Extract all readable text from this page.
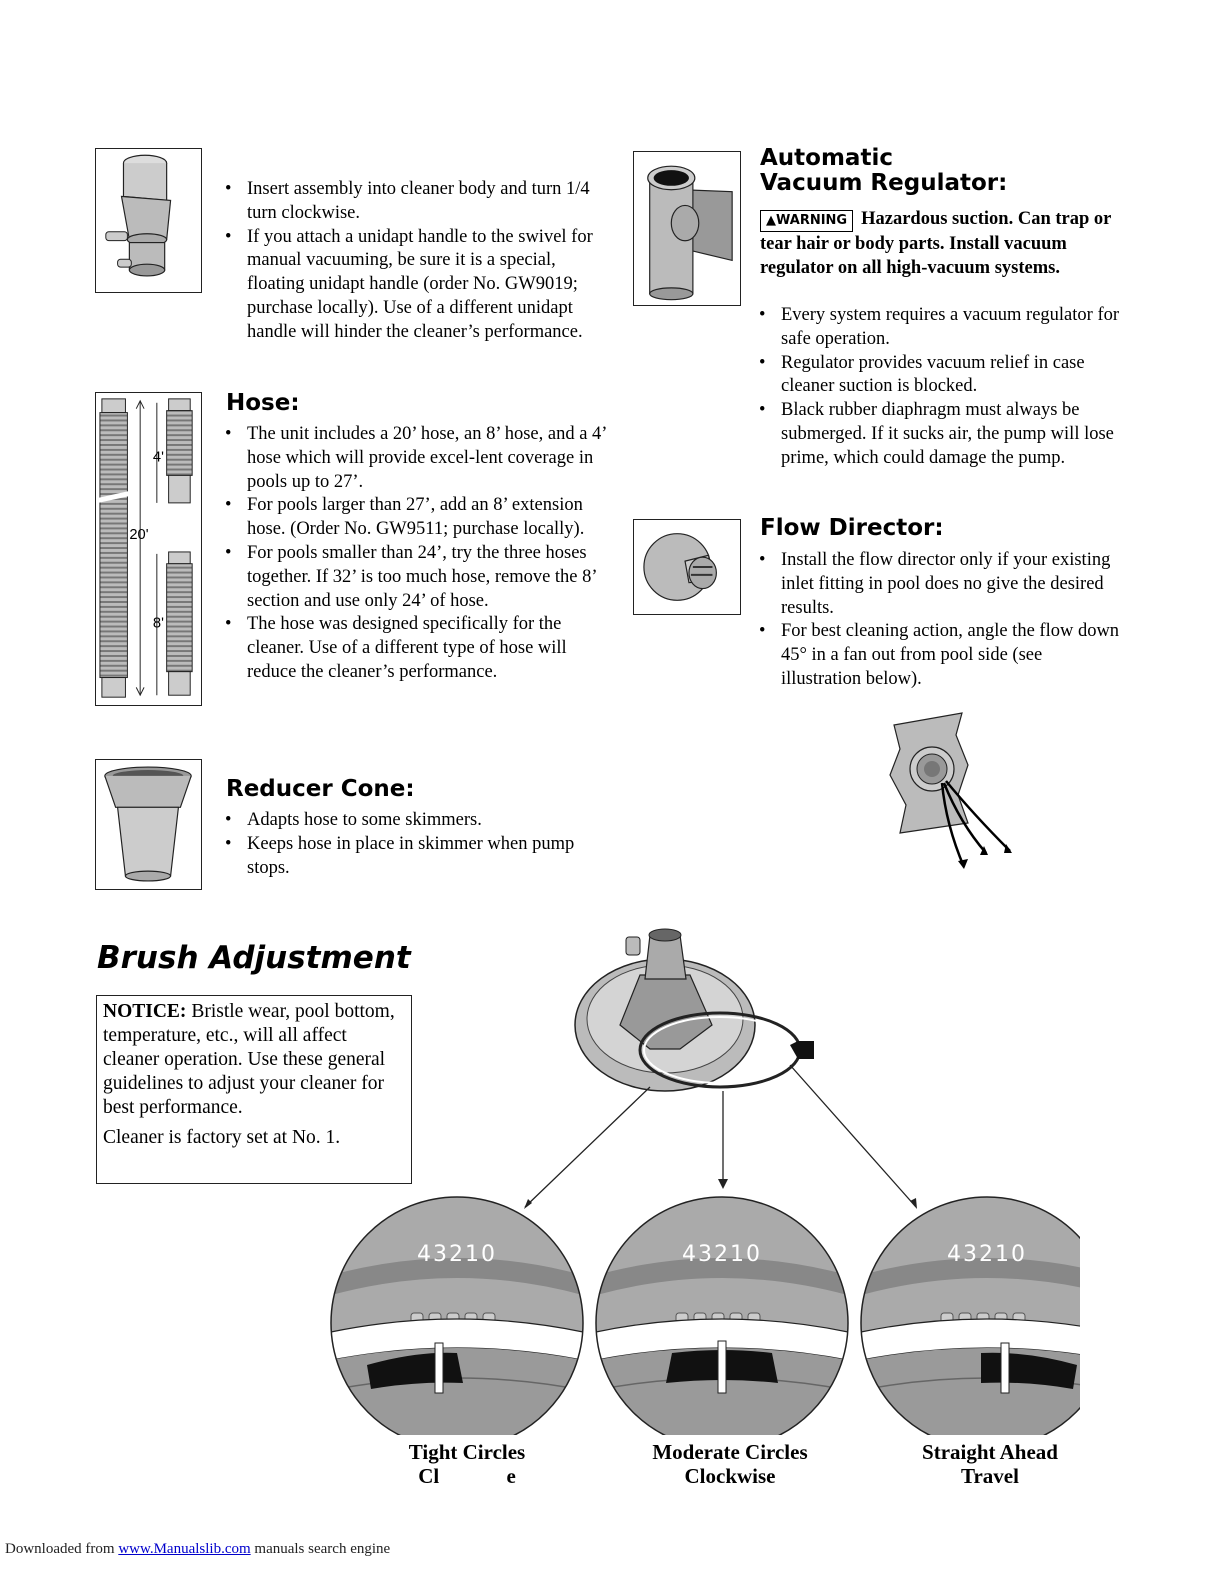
• Insert assembly into cleaner body and turn 1/4 turn clockwise.
• If you attach a unidapt handle to the swivel for manual vacuuming, be sure it is a special, floating unidapt handle (order No. GW9019; purchase locally). Use of a different unidapt handle will hinder the cleaner’s performance.
4'
20'
8'
Hose:
• The unit includes a 20’ hose, an 8’ hose, and a 4’ hose which will provide excel-lent coverage in pools up to 27’.
• For pools larger than 27’, add an 8’ extension hose. (Order No. GW9511; purchase locally).
• For pools smaller than 24’, try the three hoses together. If 32’ is too much hose, remove the 8’ section and use only 24’ of hose.
• The hose was designed specifically for the cleaner. Use of a different type of hose will reduce the cleaner’s performance.
Reducer Cone:
• Adapts hose to some skimmers.
• Keeps hose in place in skimmer when pump stops.
Automatic
Vacuum Regulator:
▲WARNING Hazardous suction. Can trap or tear hair or body parts. Install vacuum regulator on all high-vacuum systems.
• Every system requires a vacuum regulator for safe operation.
• Regulator provides vacuum relief in case cleaner suction is blocked.
• Black rubber diaphragm must always be submerged. If it sucks air, the pump will lose prime, which could damage the pump.
Flow Director:
• Install the flow director only if your existing inlet fitting in pool does no give the desired results.
• For best cleaning action, angle the flow down 45° in a fan out from pool side (see illustration below).
Brush Adjustment

NOTICE: Bristle wear, pool bottom, temperature, etc., will all affect cleaner operation. Use these general guidelines to adjust your cleaner for best performance.

Cleaner is factory set at No. 1.

43210	43210	43210
Tight Circles
Cl e
Moderate Circles
Clockwise
Straight Ahead
Travel
Downloaded from www.Manualslib.com manuals search engine
